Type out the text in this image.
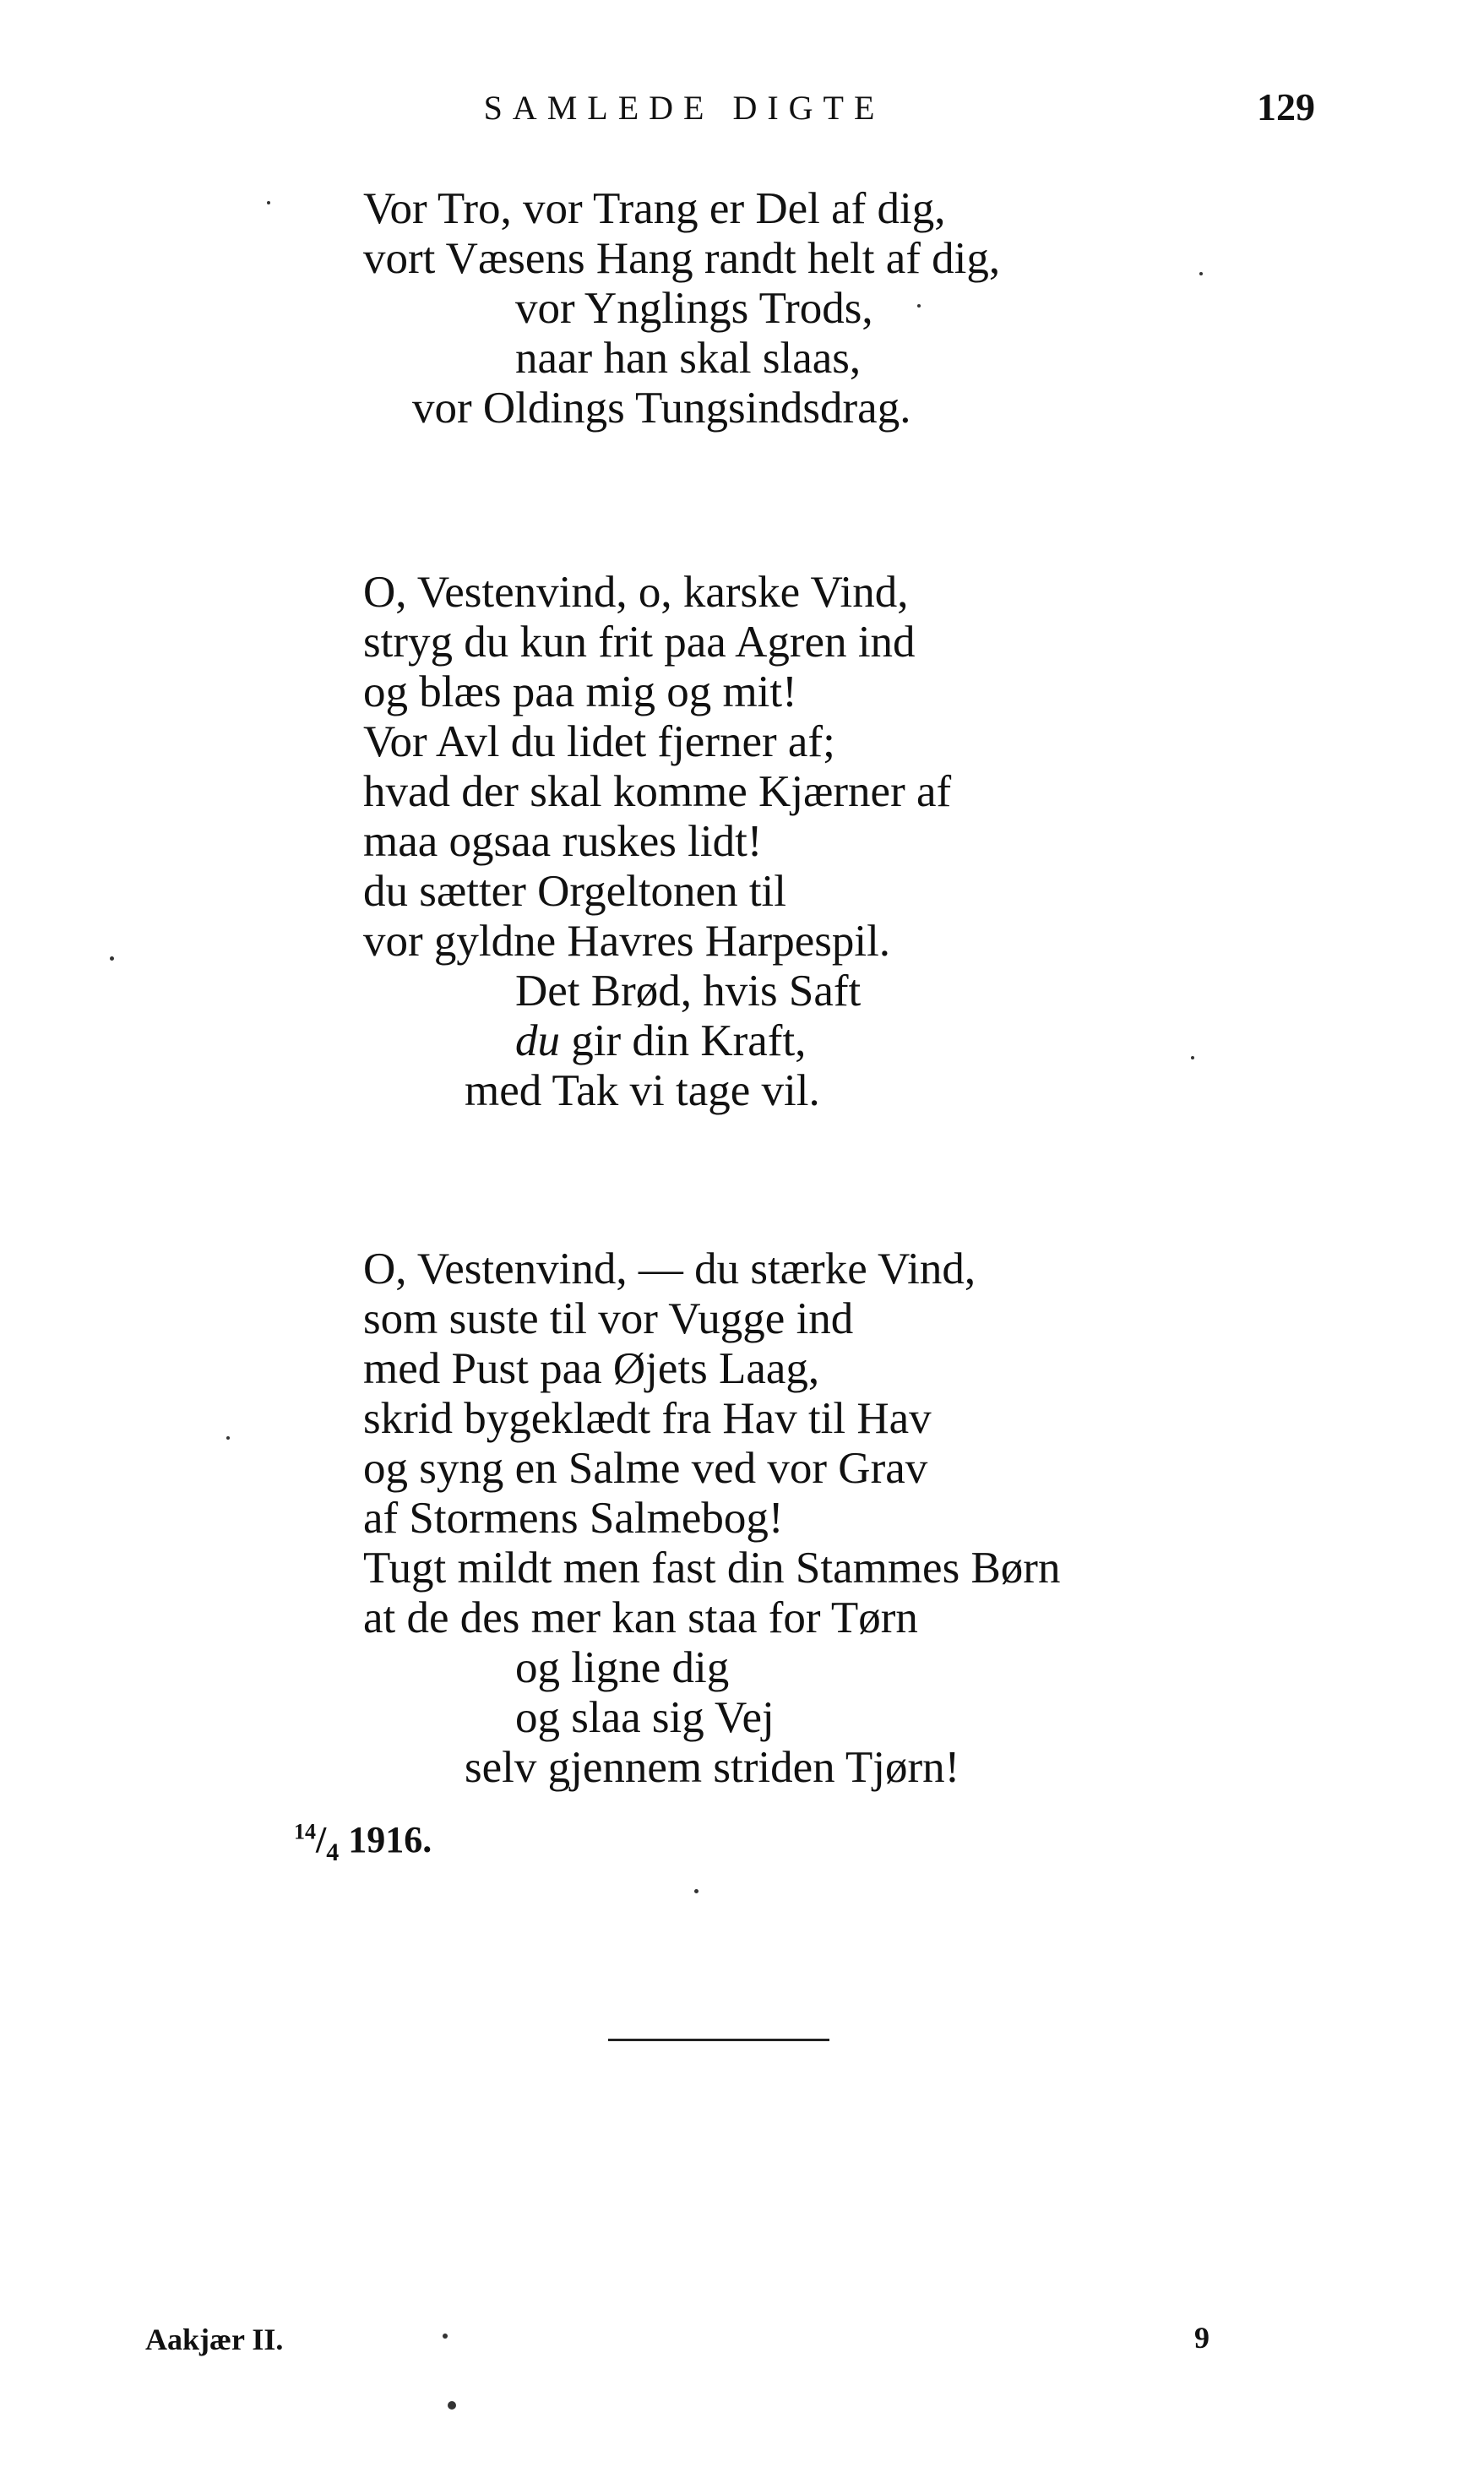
SAMLEDE DIGTE	129
Vor Tro, vor Trang er Del af dig,
vort Væsens Hang randt helt af dig,
vor Ynglings Trods,
naar han skal slaas,
vor Oldings Tungsindsdrag.
O, Vestenvind, o, karske Vind,
stryg du kun frit paa Agren ind
og blæs paa mig og mit!
Vor Avl du lidet fjerner af;
hvad der skal komme Kjærner af
maa ogsaa ruskes lidt!
du sætter Orgeltonen til
vor gyldne Havres Harpespil.
Det Brød, hvis Saft
du gir din Kraft,
med Tak vi tage vil.
O, Vestenvind, — du stærke Vind,
som suste til vor Vugge ind
med Pust paa Øjets Laag,
skrid bygeklædt fra Hav til Hav
og syng en Salme ved vor Grav
af Stormens Salmebog!
Tugt mildt men fast din Stammes Børn
at de des mer kan staa for Tørn
og ligne dig
og slaa sig Vej
selv gjennem striden Tjørn!
$^{14}/_4$ 1916.
Aakjær II.	9
